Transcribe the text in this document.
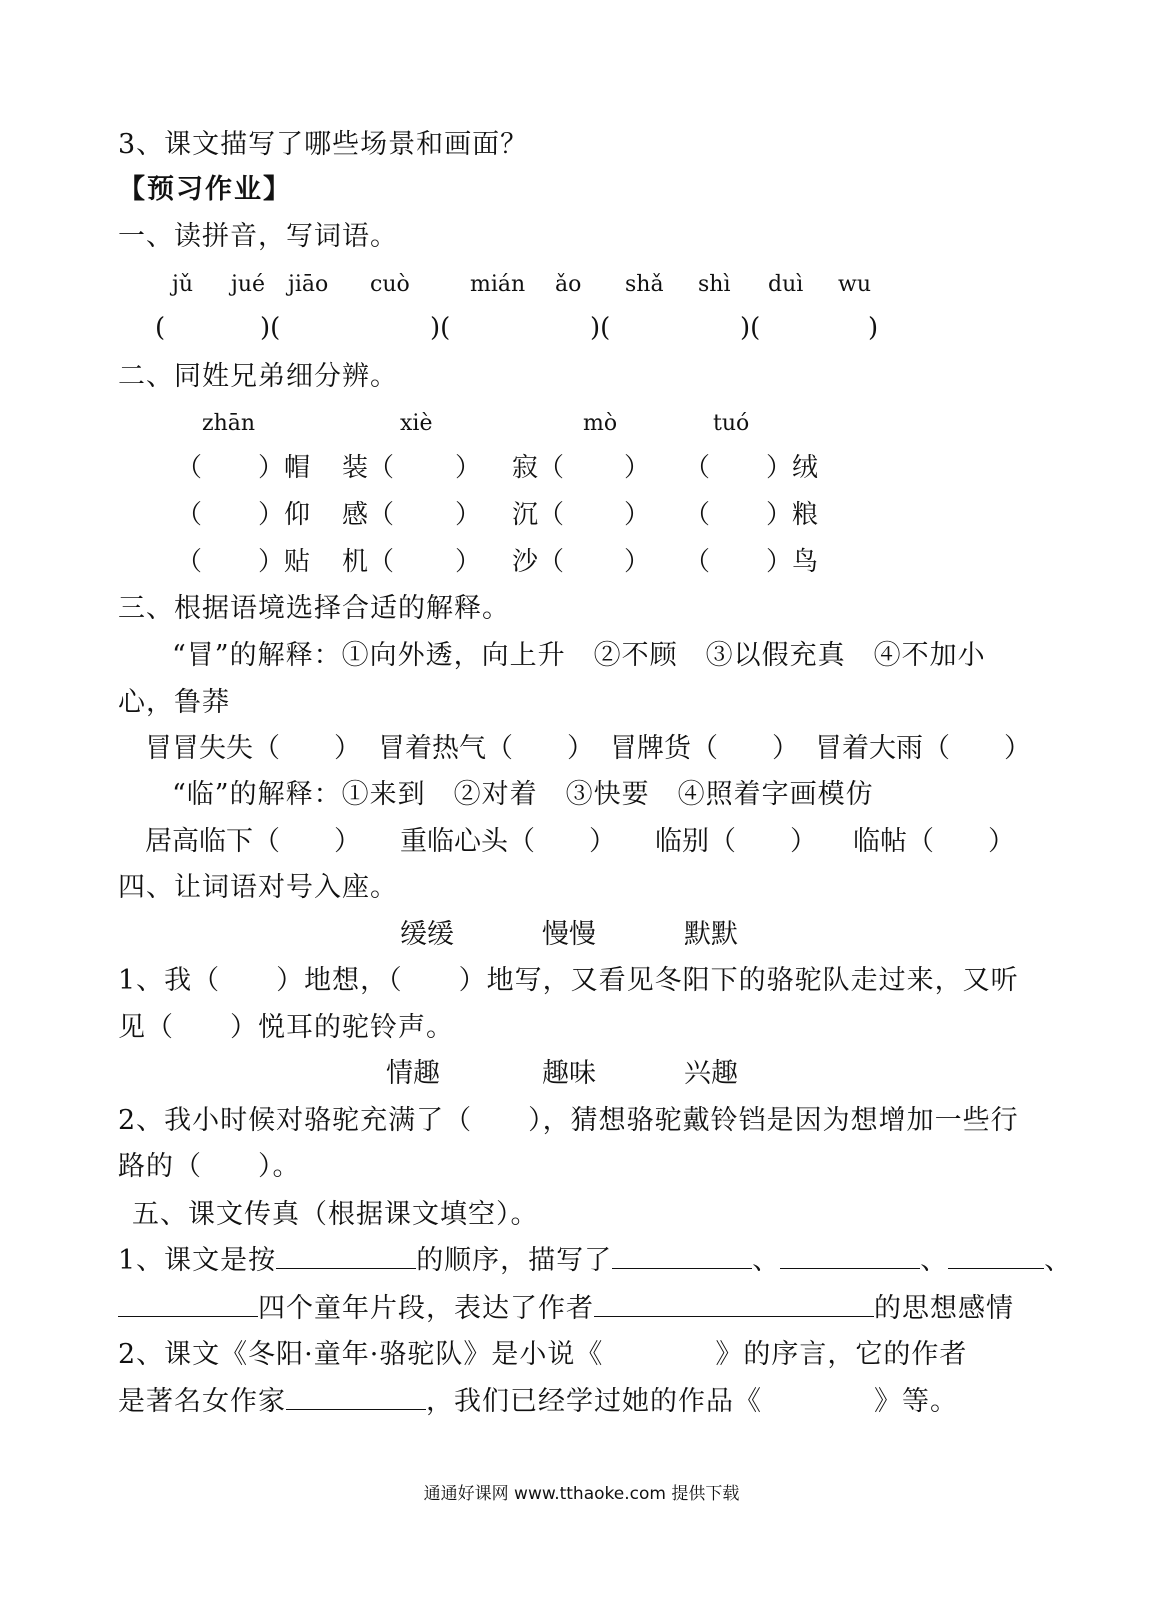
3、课文描写了哪些场景和画面？
【预习作业】
一、读拼音，写词语。
jǔ jué jiāo cuò	mián ǎo shǎ shì duì wu
(	)(	)(	)(	)(	)
二、同姓兄弟细分辨。
zhān	xiè	mò	tuó
（ ）帽 装（ ） 寂（ ） （ ）绒
（ ）仰 感（ ） 沉（ ） （ ）粮
（ ）贴 机（ ） 沙（ ） （ ）鸟
三、根据语境选择合适的解释。
“冒”的解释：①向外透，向上升　②不顾　③以假充真　④不加小
心，鲁莽
冒冒失失（　　） 冒着热气（　　） 冒牌货（　　） 冒着大雨（　　）
“临”的解释：①来到　②对着　③快要　④照着字画模仿
居高临下（　　） 重临心头（　　） 临别（　　） 临帖（　　）
四、让词语对号入座。
缓缓	慢慢	默默
1、我（　　）地想，（　　）地写，又看见冬阳下的骆驼队走过来，又听
见（　　）悦耳的驼铃声。
情趣	趣味	兴趣
2、我小时候对骆驼充满了（　　），猜想骆驼戴铃铛是因为想增加一些行
路的（　　）。
五、课文传真（根据课文填空）。
1、课文是按	的顺序，描写了	、	、	、
四个童年片段，表达了作者	的思想感情
2、课文《冬阳·童年·骆驼队》是小说《　　　　》的序言，它的作者
是著名女作家	，我们已经学过她的作品《　　　　》等。
通通好课网 www.tthaoke.com 提供下载
